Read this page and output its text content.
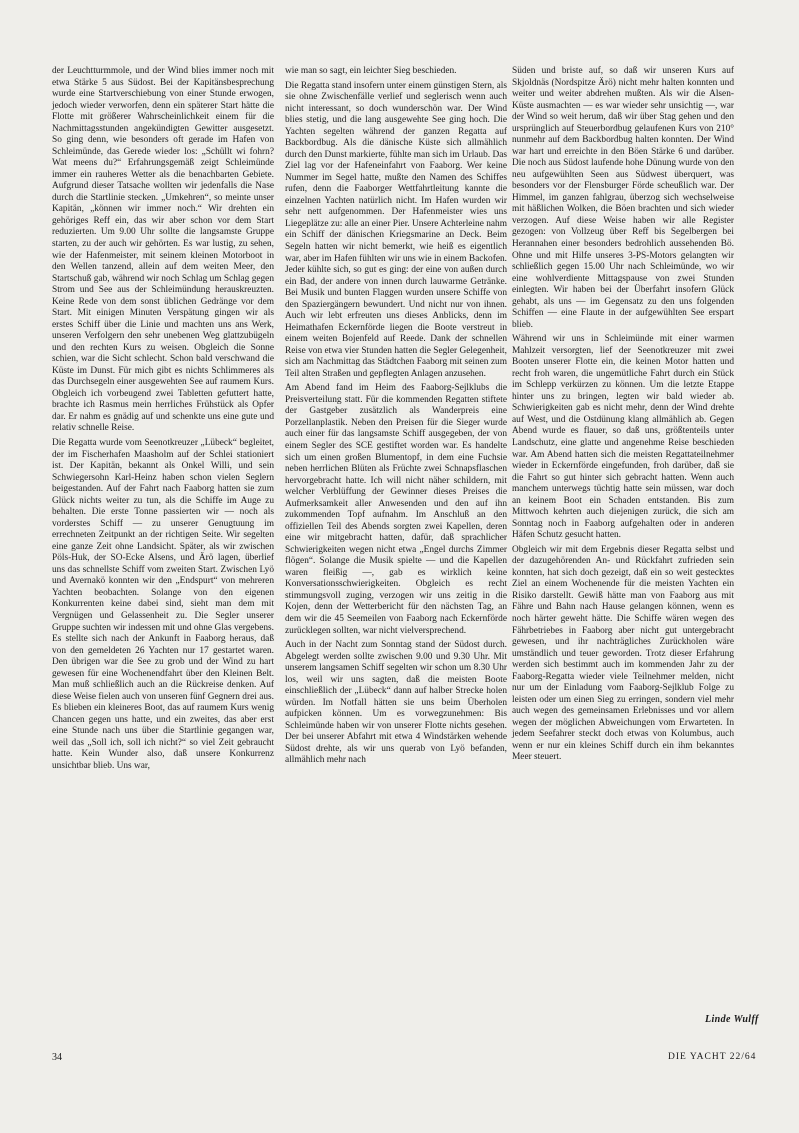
der Leuchtturmmole, und der Wind blies immer noch mit etwa Stärke 5 aus Südost. Bei der Kapitänsbesprechung wurde eine Startverschiebung von einer Stunde erwogen, jedoch wieder verworfen, denn ein späterer Start hätte die Flotte mit größerer Wahrscheinlichkeit einem für die Nachmittagsstunden angekündigten Gewitter ausgesetzt. So ging denn, wie besonders oft gerade im Hafen von Schleimünde, das Gerede wieder los: „Schüllt wi fohrn? Wat meens du?“ Erfahrungsgemäß zeigt Schleimünde immer ein rauheres Wetter als die benachbarten Gebiete. Aufgrund dieser Tatsache wollten wir jedenfalls die Nase durch die Startlinie stecken. „Umkehren“, so meinte unser Kapitän, „können wir immer noch.“ Wir drehten ein gehöriges Reff ein, das wir aber schon vor dem Start reduzierten. Um 9.00 Uhr sollte die langsamste Gruppe starten, zu der auch wir gehörten. Es war lustig, zu sehen, wie der Hafenmeister, mit seinem kleinen Motorboot in den Wellen tanzend, allein auf dem weiten Meer, den Startschuß gab, während wir noch Schlag um Schlag gegen Strom und See aus der Schleimündung herauskreuzten. Keine Rede von dem sonst üblichen Gedränge vor dem Start. Mit einigen Minuten Verspätung gingen wir als erstes Schiff über die Linie und machten uns ans Werk, unseren Verfolgern den sehr unebenen Weg glattzubügeln und den rechten Kurs zu weisen. Obgleich die Sonne schien, war die Sicht schlecht. Schon bald verschwand die Küste im Dunst. Für mich gibt es nichts Schlimmeres als das Durchsegeln einer ausgewehten See auf raumem Kurs. Obgleich ich vorbeugend zwei Tabletten gefuttert hatte, brachte ich Rasmus mein herrliches Frühstück als Opfer dar. Er nahm es gnädig auf und schenkte uns eine gute und relativ schnelle Reise.

Die Regatta wurde vom Seenotkreuzer „Lübeck“ begleitet, der im Fischerhafen Maasholm auf der Schlei stationiert ist. Der Kapitän, bekannt als Onkel Willi, und sein Schwiegersohn Karl-Heinz haben schon vielen Seglern beigestanden. Auf der Fahrt nach Faaborg hatten sie zum Glück nichts weiter zu tun, als die Schiffe im Auge zu behalten. Die erste Tonne passierten wir — noch als vorderstes Schiff — zu unserer Genugtuung im errechneten Zeitpunkt an der richtigen Seite. Wir segelten eine ganze Zeit ohne Landsicht. Später, als wir zwischen Pöls-Huk, der SO-Ecke Alsens, und Ärö lagen, überlief uns das schnellste Schiff vom zweiten Start. Zwischen Lyö und Avernakö konnten wir den „Endspurt“ von mehreren Yachten beobachten. Solange von den eigenen Konkurrenten keine dabei sind, sieht man dem mit Vergnügen und Gelassenheit zu. Die Segler unserer Gruppe suchten wir indessen mit und ohne Glas vergebens. Es stellte sich nach der Ankunft in Faaborg heraus, daß von den gemeldeten 26 Yachten nur 17 gestartet waren. Den übrigen war die See zu grob und der Wind zu hart gewesen für eine Wochenendfahrt über den Kleinen Belt. Man muß schließlich auch an die Rückreise denken. Auf diese Weise fielen auch von unseren fünf Gegnern drei aus. Es blieben ein kleineres Boot, das auf raumem Kurs wenig Chancen gegen uns hatte, und ein zweites, das aber erst eine Stunde nach uns über die Startlinie gegangen war, weil das „Soll ich, soll ich nicht?“ so viel Zeit gebraucht hatte. Kein Wunder also, daß unsere Konkurrenz unsichtbar blieb. Uns war,

wie man so sagt, ein leichter Sieg beschieden.

Die Regatta stand insofern unter einem günstigen Stern, als sie ohne Zwischenfälle verlief und seglerisch wenn auch nicht interessant, so doch wunderschön war. Der Wind blies stetig, und die lang ausgewehte See ging hoch. Die Yachten segelten während der ganzen Regatta auf Backbordbug. Als die dänische Küste sich allmählich durch den Dunst markierte, fühlte man sich im Urlaub. Das Ziel lag vor der Hafeneinfahrt von Faaborg. Wer keine Nummer im Segel hatte, mußte den Namen des Schiffes rufen, denn die Faaborger Wettfahrtleitung kannte die einzelnen Yachten natürlich nicht. Im Hafen wurden wir sehr nett aufgenommen. Der Hafenmeister wies uns Liegeplätze zu: alle an einer Pier. Unsere Achterleine nahm ein Schiff der dänischen Kriegsmarine an Deck. Beim Segeln hatten wir nicht bemerkt, wie heiß es eigentlich war, aber im Hafen fühlten wir uns wie in einem Backofen. Jeder kühlte sich, so gut es ging: der eine von außen durch ein Bad, der andere von innen durch lauwarme Getränke. Bei Musik und bunten Flaggen wurden unsere Schiffe von den Spaziergängern bewundert. Und nicht nur von ihnen. Auch wir lebt erfreuten uns dieses Anblicks, denn im Heimathafen Eckernförde liegen die Boote verstreut in einem weiten Bojenfeld auf Reede. Dank der schnellen Reise von etwa vier Stunden hatten die Segler Gelegenheit, sich am Nachmittag das Städtchen Faaborg mit seinen zum Teil alten Straßen und gepflegten Anlagen anzusehen.

Am Abend fand im Heim des Faaborg-Sejlklubs die Preisverteilung statt. Für die kommenden Regatten stiftete der Gastgeber zusätzlich als Wanderpreis eine Porzellanplastik. Neben den Preisen für die Sieger wurde auch einer für das langsamste Schiff ausgegeben, der von einem Segler des SCE gestiftet worden war. Es handelte sich um einen großen Blumentopf, in dem eine Fuchsie neben herrlichen Blüten als Früchte zwei Schnapsflaschen hervorgebracht hatte. Ich will nicht näher schildern, mit welcher Verblüffung der Gewinner dieses Preises die Aufmerksamkeit aller Anwesenden und den auf ihn zukommenden Topf aufnahm. Im Anschluß an den offiziellen Teil des Abends sorgten zwei Kapellen, deren eine wir mitgebracht hatten, dafür, daß sprachlicher Schwierigkeiten wegen nicht etwa „Engel durchs Zimmer flögen“. Solange die Musik spielte — und die Kapellen waren fleißig —, gab es wirklich keine Konversationsschwierigkeiten. Obgleich es recht stimmungsvoll zuging, verzogen wir uns zeitig in die Kojen, denn der Wetterbericht für den nächsten Tag, an dem wir die 45 Seemeilen von Faaborg nach Eckernförde zurücklegen sollten, war nicht vielversprechend.

Auch in der Nacht zum Sonntag stand der Südost durch. Abgelegt werden sollte zwischen 9.00 und 9.30 Uhr. Mit unserem langsamen Schiff segelten wir schon um 8.30 Uhr los, weil wir uns sagten, daß die meisten Boote einschließlich der „Lübeck“ dann auf halber Strecke holen würden. Im Notfall hätten sie uns beim Überholen aufpicken können. Um es vorwegzunehmen: Bis Schleimünde haben wir von unserer Flotte nichts gesehen. Der bei unserer Abfahrt mit etwa 4 Windstärken wehende Südost drehte, als wir uns querab von Lyö befanden, allmählich mehr nach

Süden und briste auf, so daß wir unseren Kurs auf Skjoldnäs (Nordspitze Ärö) nicht mehr halten konnten und weiter und weiter abdrehen mußten. Als wir die Alsen-Küste ausmachten — es war wieder sehr unsichtig —, war der Wind so weit herum, daß wir über Stag gehen und den ursprünglich auf Steuerbordbug gelaufenen Kurs von 210° nunmehr auf dem Backbordbug halten konnten. Der Wind war hart und erreichte in den Böen Stärke 6 und darüber. Die noch aus Südost laufende hohe Dünung wurde von den neu aufgewühlten Seen aus Südwest überquert, was besonders vor der Flensburger Förde scheußlich war. Der Himmel, im ganzen fahlgrau, überzog sich wechselweise mit häßlichen Wolken, die Böen brachten und sich wieder verzogen. Auf diese Weise haben wir alle Register gezogen: von Vollzeug über Reff bis Segelbergen bei Herannahen einer besonders bedrohlich aussehenden Bö. Ohne und mit Hilfe unseres 3-PS-Motors gelangten wir schließlich gegen 15.00 Uhr nach Schleimünde, wo wir eine wohlverdiente Mittagspause von zwei Stunden einlegten. Wir haben bei der Überfahrt insofern Glück gehabt, als uns — im Gegensatz zu den uns folgenden Schiffen — eine Flaute in der aufgewühlten See erspart blieb.

Während wir uns in Schleimünde mit einer warmen Mahlzeit versorgten, lief der Seenotkreuzer mit zwei Booten unserer Flotte ein, die keinen Motor hatten und recht froh waren, die ungemütliche Fahrt durch ein Stück im Schlepp verkürzen zu können. Um die letzte Etappe hinter uns zu bringen, legten wir bald wieder ab. Schwierigkeiten gab es nicht mehr, denn der Wind drehte auf West, und die Ostdünung klang allmählich ab. Gegen Abend wurde es flauer, so daß uns, größtenteils unter Landschutz, eine glatte und angenehme Reise beschieden war. Am Abend hatten sich die meisten Regattateilnehmer wieder in Eckernförde eingefunden, froh darüber, daß sie die Fahrt so gut hinter sich gebracht hatten. Wenn auch manchem unterwegs tüchtig hatte sein müssen, war doch an keinem Boot ein Schaden entstanden. Bis zum Mittwoch kehrten auch diejenigen zurück, die sich am Sonntag noch in Faaborg aufgehalten oder in anderen Häfen Schutz gesucht hatten.

Obgleich wir mit dem Ergebnis dieser Regatta selbst und der dazugehörenden An- und Rückfahrt zufrieden sein konnten, hat sich doch gezeigt, daß ein so weit gestecktes Ziel an einem Wochenende für die meisten Yachten ein Risiko darstellt. Gewiß hätte man von Faaborg aus mit Fähre und Bahn nach Hause gelangen können, wenn es noch härter geweht hätte. Die Schiffe wären wegen des Fährbetriebes in Faaborg aber nicht gut untergebracht gewesen, und ihr nachträgliches Zurückholen wäre umständlich und teuer geworden. Trotz dieser Erfahrung werden sich bestimmt auch im kommenden Jahr zu der Faaborg-Regatta wieder viele Teilnehmer melden, nicht nur um der Einladung vom Faaborg-Sejlklub Folge zu leisten oder um einen Sieg zu erringen, sondern viel mehr auch wegen des gemeinsamen Erlebnisses und vor allem wegen der möglichen Abweichungen vom Erwarteten. In jedem Seefahrer steckt doch etwas von Kolumbus, auch wenn er nur ein kleines Schiff durch ein ihm bekanntes Meer steuert.

Linde Wulff
34	DIE YACHT 22/64
